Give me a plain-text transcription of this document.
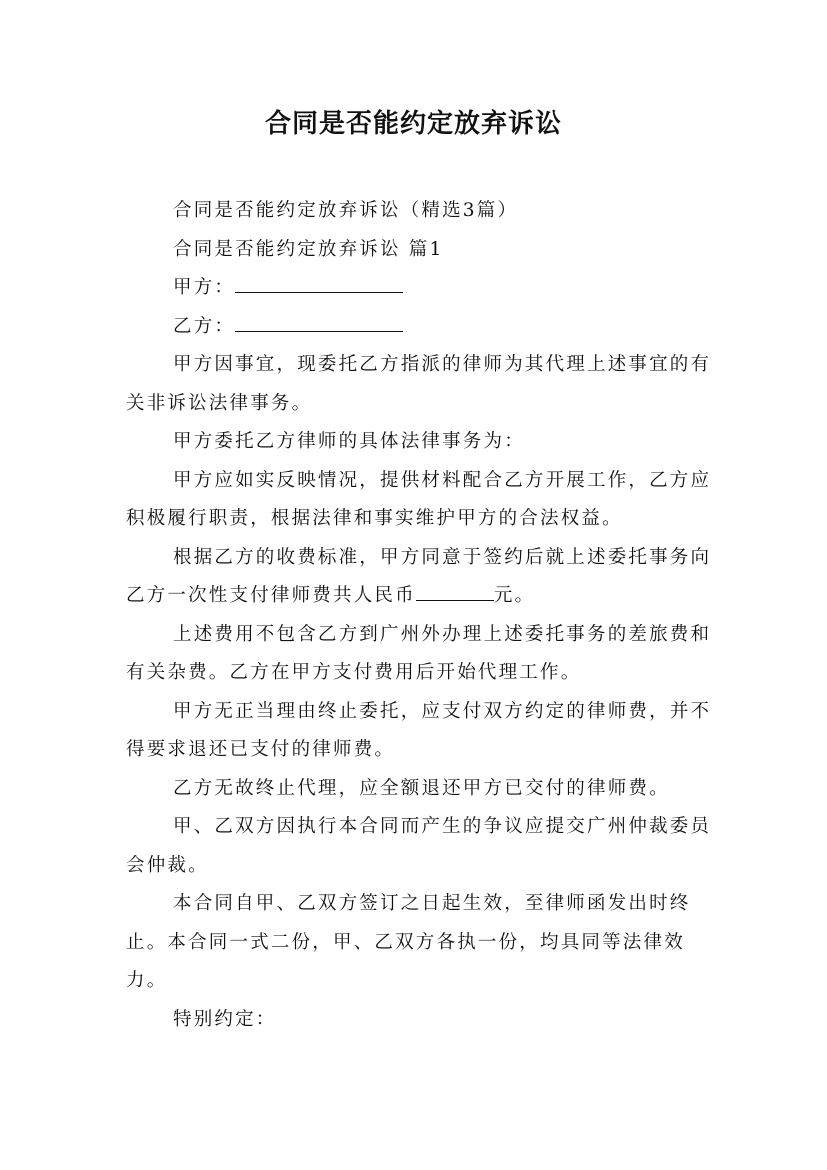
合同是否能约定放弃诉讼

合同是否能约定放弃诉讼（精选3篇）

合同是否能约定放弃诉讼 篇1

甲方：

乙方：

甲方因事宜，现委托乙方指派的律师为其代理上述事宜的有关非诉讼法律事务。

甲方委托乙方律师的具体法律事务为：

甲方应如实反映情况，提供材料配合乙方开展工作，乙方应积极履行职责，根据法律和事实维护甲方的合法权益。

根据乙方的收费标准，甲方同意于签约后就上述委托事务向乙方一次性支付律师费共人民币	元。

上述费用不包含乙方到广州外办理上述委托事务的差旅费和有关杂费。乙方在甲方支付费用后开始代理工作。

甲方无正当理由终止委托，应支付双方约定的律师费，并不得要求退还已支付的律师费。

乙方无故终止代理，应全额退还甲方已交付的律师费。

甲、乙双方因执行本合同而产生的争议应提交广州仲裁委员会仲裁。

本合同自甲、乙双方签订之日起生效，至律师函发出时终止。本合同一式二份，甲、乙双方各执一份，均具同等法律效力。

特别约定：
